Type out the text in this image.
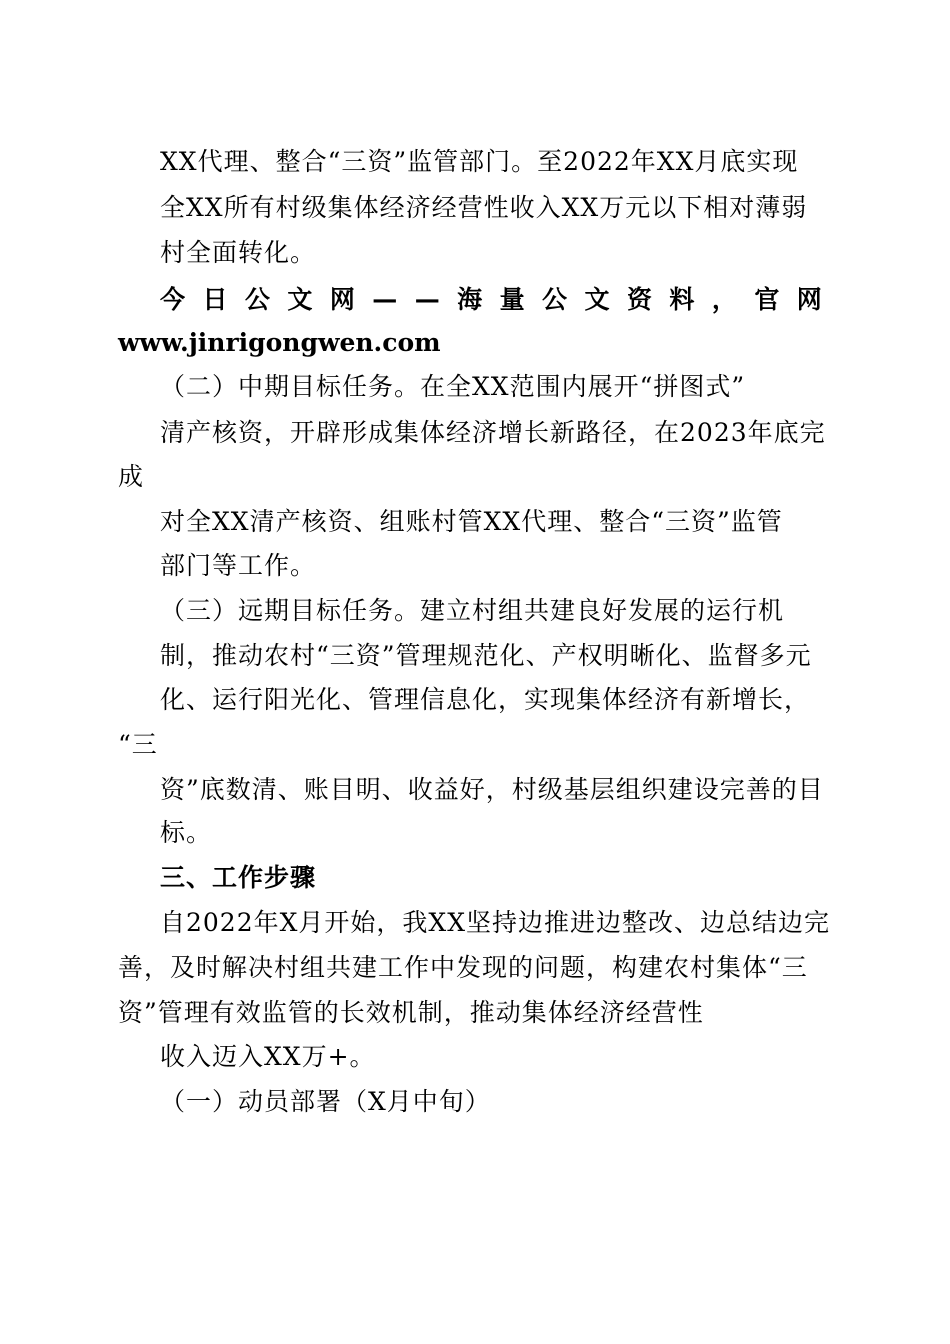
XX代理、整合“三资”监管部门。至2022年XX月底实现
全XX所有村级集体经济经营性收入XX万元以下相对薄弱
村全面转化。
今 日 公 文 网 — — 海 量 公 文 资 料 ， 官 网
www.jinrigongwen.com
（二）中期目标任务。在全XX范围内展开“拼图式”
清产核资，开辟形成集体经济增长新路径，在2023年底完
成
对全XX清产核资、组账村管XX代理、整合“三资”监管
部门等工作。
（三）远期目标任务。建立村组共建良好发展的运行机
制，推动农村“三资”管理规范化、产权明晰化、监督多元
化、运行阳光化、管理信息化，实现集体经济有新增长，
“三
资”底数清、账目明、收益好，村级基层组织建设完善的目
标。
三、工作步骤
自2022年X月开始，我XX坚持边推进边整改、边总结边完
善，及时解决村组共建工作中发现的问题，构建农村集体“三
资”管理有效监管的长效机制，推动集体经济经营性
收入迈入XX万+。
（一）动员部署（X月中旬）
